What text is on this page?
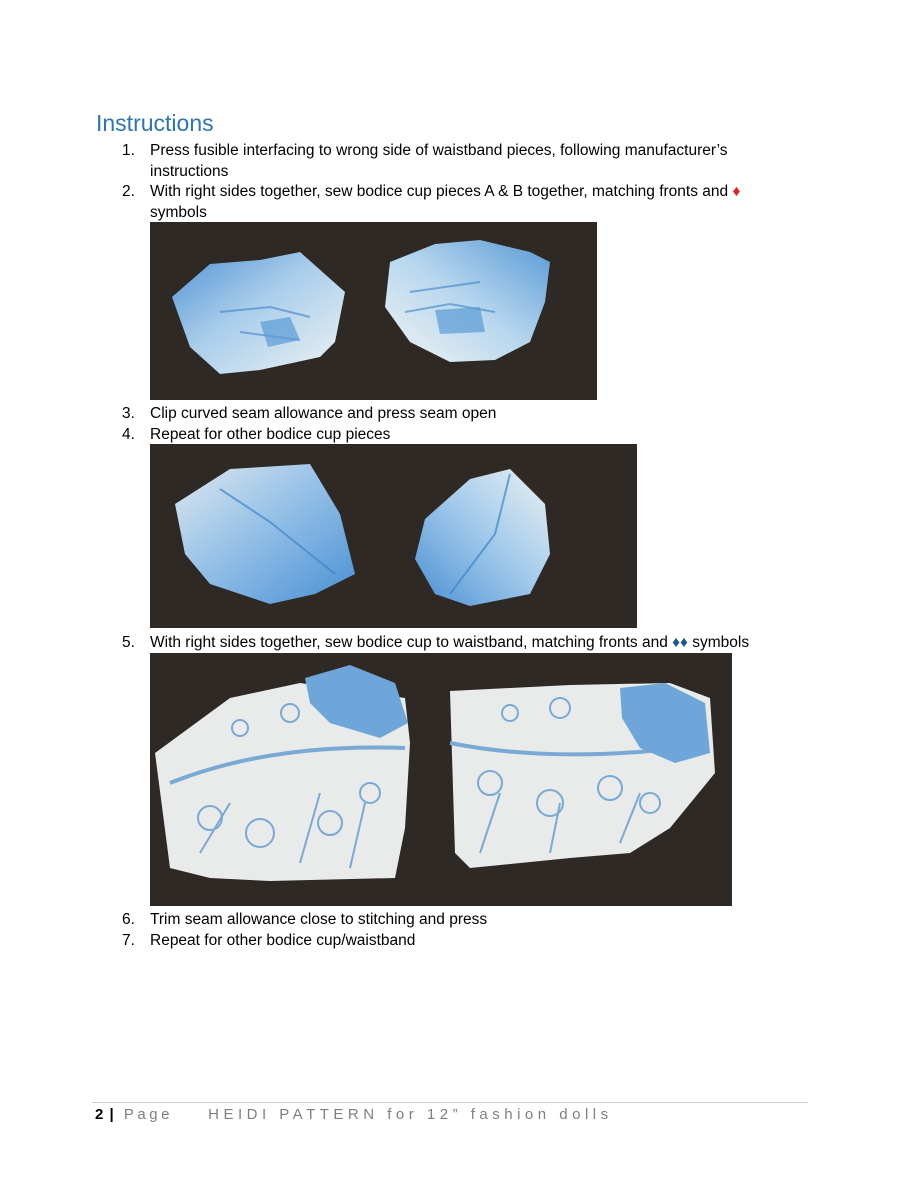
Instructions
1. Press fusible interfacing to wrong side of waistband pieces, following manufacturer’s
instructions
2. With right sides together, sew bodice cup pieces A & B together, matching fronts and ♦
symbols
3. Clip curved seam allowance and press seam open
4. Repeat for other bodice cup pieces
5. With right sides together, sew bodice cup to waistband, matching fronts and ♦♦ symbols
6. Trim seam allowance close to stitching and press
7. Repeat for other bodice cup/waistband
2 | Page HEIDI PATTERN for 12” fashion dolls
